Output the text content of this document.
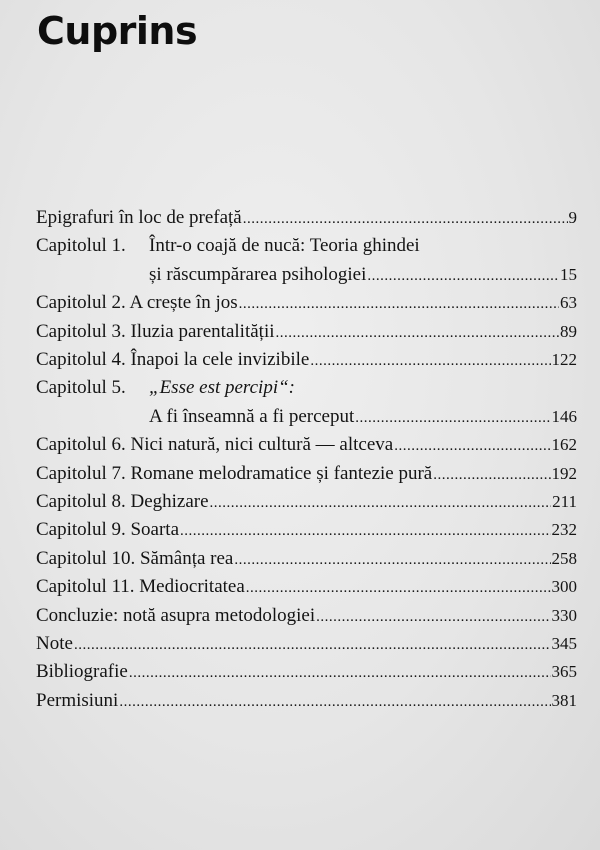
Cuprins
Epigrafuri în loc de prefață .....	9
Capitolul 1. Într-o coajă de nucă: Teoria ghindei
și răscumpărarea psihologiei .....	15
Capitolul 2. A crește în jos .....	63
Capitolul 3. Iluzia parentalității .....	89
Capitolul 4. Înapoi la cele invizibile .....	122
Capitolul 5. „Esse est percipi“:
A fi înseamnă a fi perceput .....	146
Capitolul 6. Nici natură, nici cultură — altceva .....	162
Capitolul 7. Romane melodramatice și fantezie pură .....	192
Capitolul 8. Deghizare .....	211
Capitolul 9. Soarta .....	232
Capitolul 10. Sămânța rea .....	258
Capitolul 11. Mediocritatea .....	300
Concluzie: notă asupra metodologiei .....	330
Note .....	345
Bibliografie .....	365
Permisiuni .....	381
